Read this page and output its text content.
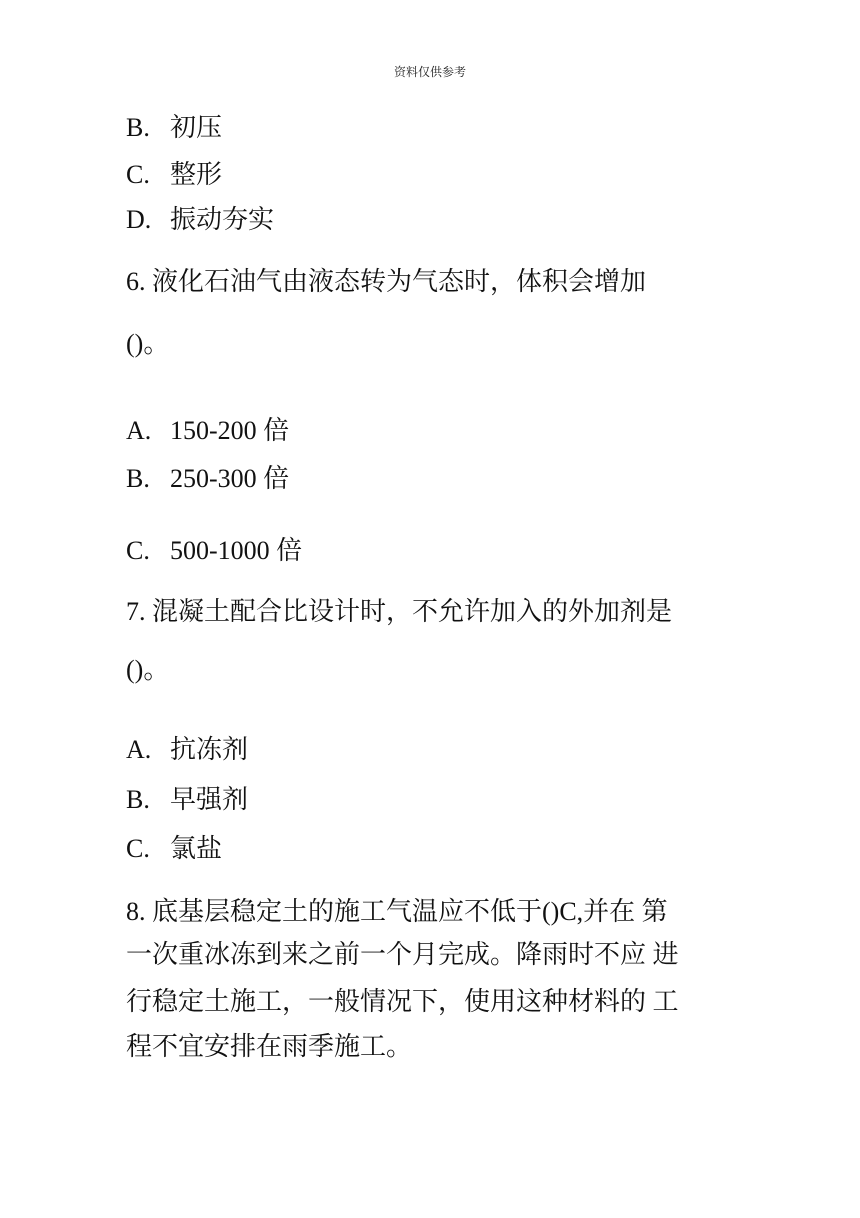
资料仅供参考
B. 初压
C. 整形
D. 振动夯实
6. 液化石油气由液态转为气态时，体积会增加
()。
A. 150-200 倍
B. 250-300 倍
C. 500-1000 倍
7. 混凝土配合比设计时，不允许加入的外加剂是
()。
A. 抗冻剂
B. 早强剂
C. 氯盐
8. 底基层稳定土的施工气温应不低于()C,并在 第
一次重冰冻到来之前一个月完成。降雨时不应 进
行稳定土施工，一般情况下，使用这种材料的 工
程不宜安排在雨季施工。
